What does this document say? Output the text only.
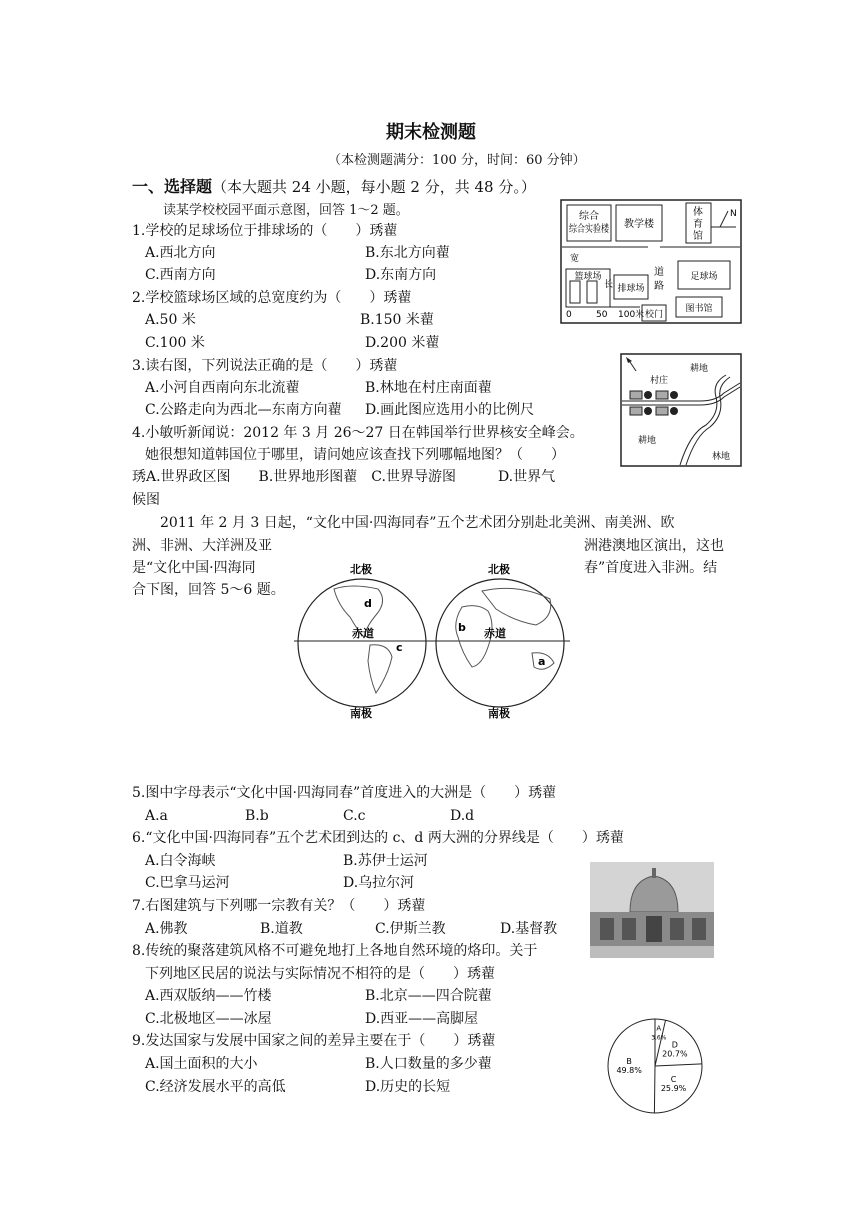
期末检测题
（本检测题满分：100 分，时间：60 分钟）
一、选择题（本大题共 24 小题，每小题 2 分，共 48 分。）
读某学校校园平面示意图，回答 1～2 题。
1.学校的足球场位于排球场的（　　）琇藋
A.西北方向	B.东北方向藋
C.西南方向	D.东南方向
2.学校篮球场区域的总宽度约为（　　）琇藋
A.50 米	B.150 米藋
C.100 米	D.200 米藋
3.读右图，下列说法正确的是（　　）琇藋
A.小河自西南向东北流藋	B.林地在村庄南面藋
C.公路走向为西北—东南方向藋 D.画此图应选用小的比例尺
4.小敏听新闻说：2012 年 3 月 26～27 日在韩国举行世界核安全峰会。
她很想知道韩国位于哪里，请问她应该查找下列哪幅地图？（　　）
琇A.世界政区图　　B.世界地形图藋　C.世界导游图　　　D.世界气
候图
2011 年 2 月 3 日起，“文化中国·四海同春”五个艺术团分别赴北美洲、南美洲、欧
洲、非洲、大洋洲及亚	洲港澳地区演出，这也
是“文化中国·四海同	春”首度进入非洲。结
合下图，回答 5～6 题。
5.图中字母表示“文化中国·四海同春”首度进入的大洲是（　　）琇藋
A.a	B.b	C.c	D.d
6.“文化中国·四海同春”五个艺术团到达的 c、d 两大洲的分界线是（　　）琇藋
A.白令海峡	B.苏伊士运河
C.巴拿马运河	D.乌拉尔河
7.右图建筑与下列哪一宗教有关？（　　）琇藋
A.佛教	B.道教	C.伊斯兰教	D.基督教
8.传统的聚落建筑风格不可避免地打上各地自然环境的烙印。关于
下列地区民居的说法与实际情况不相符的是（　　）琇藋
A.西双版纳——竹楼	B.北京——四合院藋
C.北极地区——冰屋	D.西亚——高脚屋
9.发达国家与发展中国家之间的差异主要在于（　　）琇藋
A.国土面积的大小	B.人口数量的多少藋
C.经济发展水平的高低	D.历史的长短
综合
综合实验楼 教学楼
体
育
馆
N
宽
篮球场
长 排球场
道
路
足球场
图书馆
校门
0	50 100米
村庄
耕地
耕地
林地
北极	北极
赤道	赤道
南极	南极
d
c
b
a
A
3.6%
D
20.7%
C
25.9%
B
49.8%
